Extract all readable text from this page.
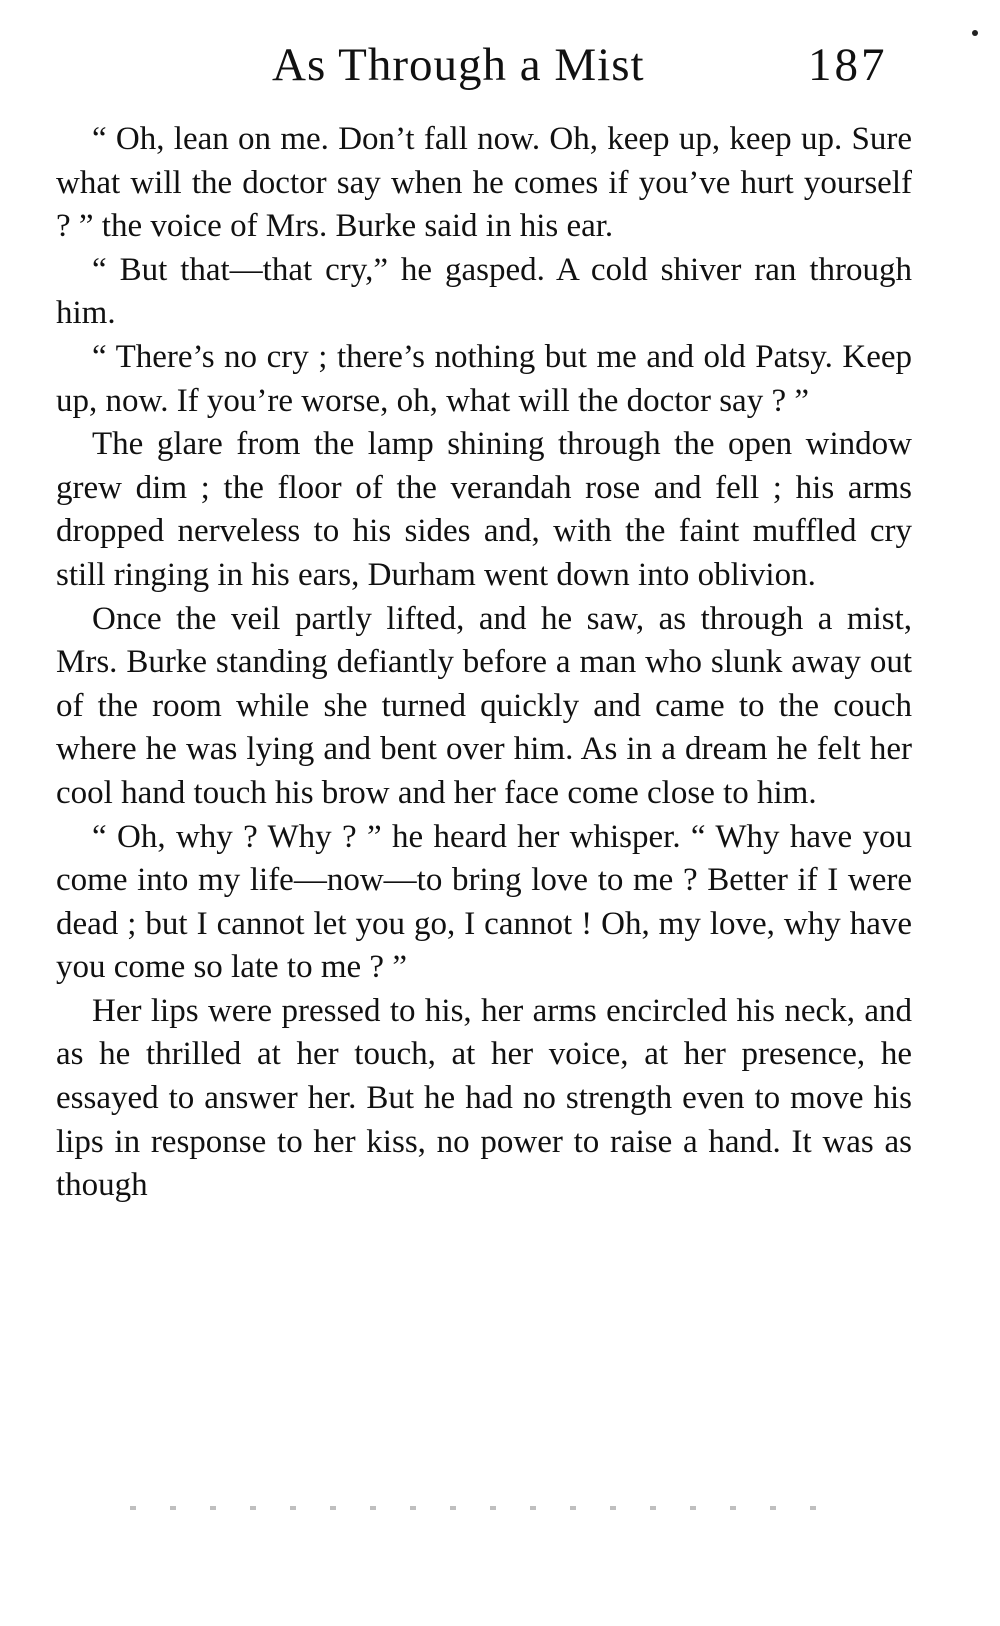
As Through a Mist	187

“ Oh, lean on me. Don’t fall now. Oh, keep up, keep up. Sure what will the doctor say when he comes if you’ve hurt yourself ? ” the voice of Mrs. Burke said in his ear.

“ But that—that cry,” he gasped. A cold shiver ran through him.

“ There’s no cry ; there’s nothing but me and old Patsy. Keep up, now. If you’re worse, oh, what will the doctor say ? ”

The glare from the lamp shining through the open window grew dim ; the floor of the verandah rose and fell ; his arms dropped nerveless to his sides and, with the faint muffled cry still ringing in his ears, Durham went down into oblivion.

Once the veil partly lifted, and he saw, as through a mist, Mrs. Burke standing defiantly before a man who slunk away out of the room while she turned quickly and came to the couch where he was lying and bent over him. As in a dream he felt her cool hand touch his brow and her face come close to him.

“ Oh, why ? Why ? ” he heard her whisper. “ Why have you come into my life—now—to bring love to me ? Better if I were dead ; but I cannot let you go, I cannot ! Oh, my love, why have you come so late to me ? ”

Her lips were pressed to his, her arms encircled his neck, and as he thrilled at her touch, at her voice, at her presence, he essayed to answer her. But he had no strength even to move his lips in response to her kiss, no power to raise a hand. It was as though
